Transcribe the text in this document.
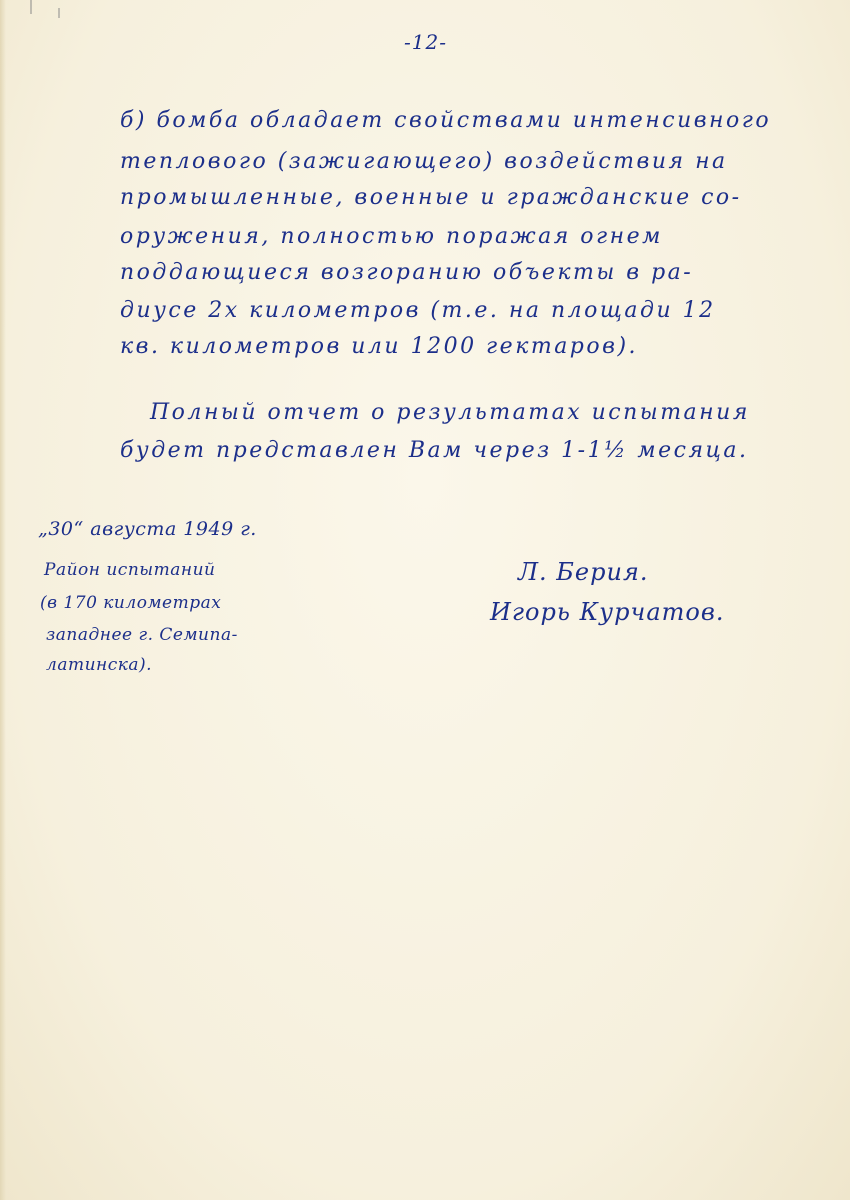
-12-
б) бомба обладает свойствами интенсивного
теплового (зажигающего) воздействия на
промышленные, военные и гражданские со-
оружения, полностью поражая огнем
поддающиеся возгоранию объекты в ра-
диусе 2х километров (т.е. на площади 12
кв. километров или 1200 гектаров).
Полный отчет о результатах испытания
будет представлен Вам через 1-1½ месяца.
„30“ августа 1949 г.
Район испытаний
(в 170 километрах
западнее г. Семипа-
латинска).
Л. Берия.
Игорь Курчатов.
